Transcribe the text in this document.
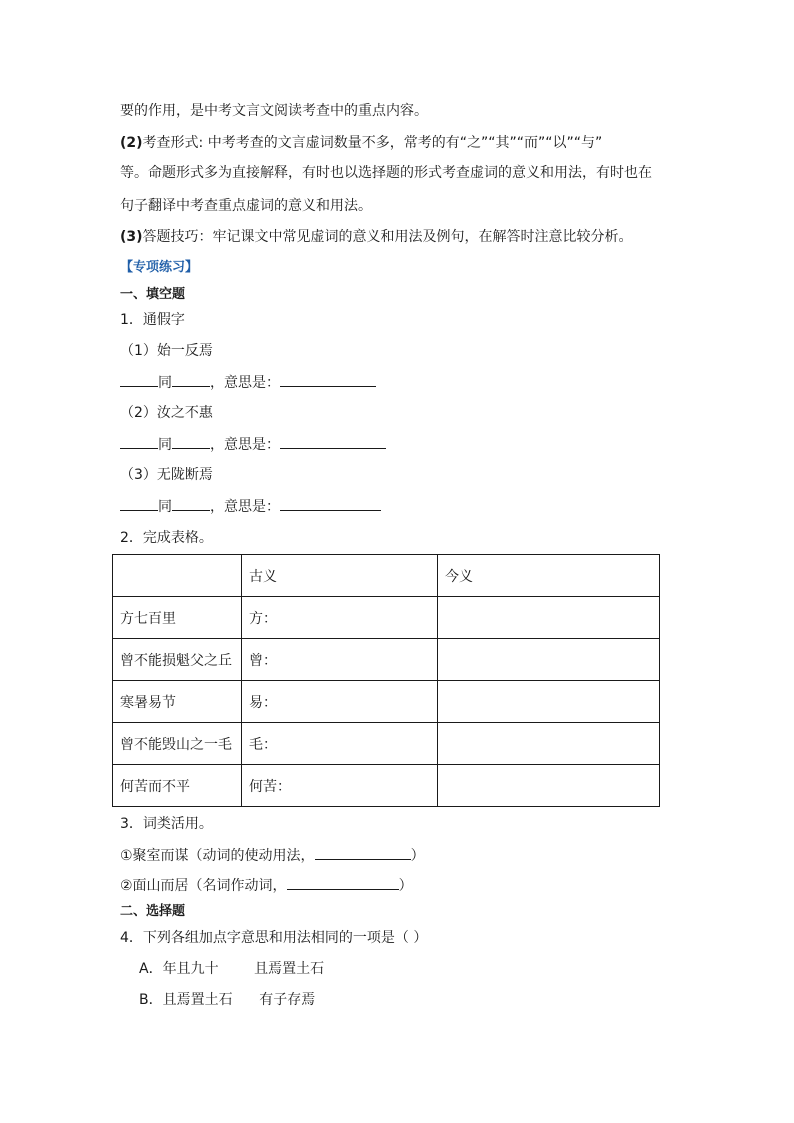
要的作用，是中考文言文阅读考查中的重点内容。
(2)考查形式: 中考考查的文言虚词数量不多，常考的有“之”“其”“而”“以”“与”
等。命题形式多为直接解释，有时也以选择题的形式考查虚词的意义和用法，有时也在
句子翻译中考查重点虚词的意义和用法。
(3)答题技巧：牢记课文中常见虚词的意义和用法及例句，在解答时注意比较分析。
【专项练习】
一、填空题
1．通假字
（1）始一反焉
同	，意思是：
（2）汝之不惠
同	，意思是：
（3）无陇断焉
同	，意思是：
2．完成表格。
	古义	今义
方七百里	方：	
曾不能损魁父之丘	曾：	
寒暑易节	易：	
曾不能毁山之一毛	毛：	
何苦而不平	何苦：	
3．词类活用。
①聚室而谋（动词的使动用法，	）
②面山而居（名词作动词，	）
二、选择题
4．下列各组加点字意思和用法相同的一项是（ ）
A．年且九十        且焉置土石
B．且焉置土石      有子存焉
